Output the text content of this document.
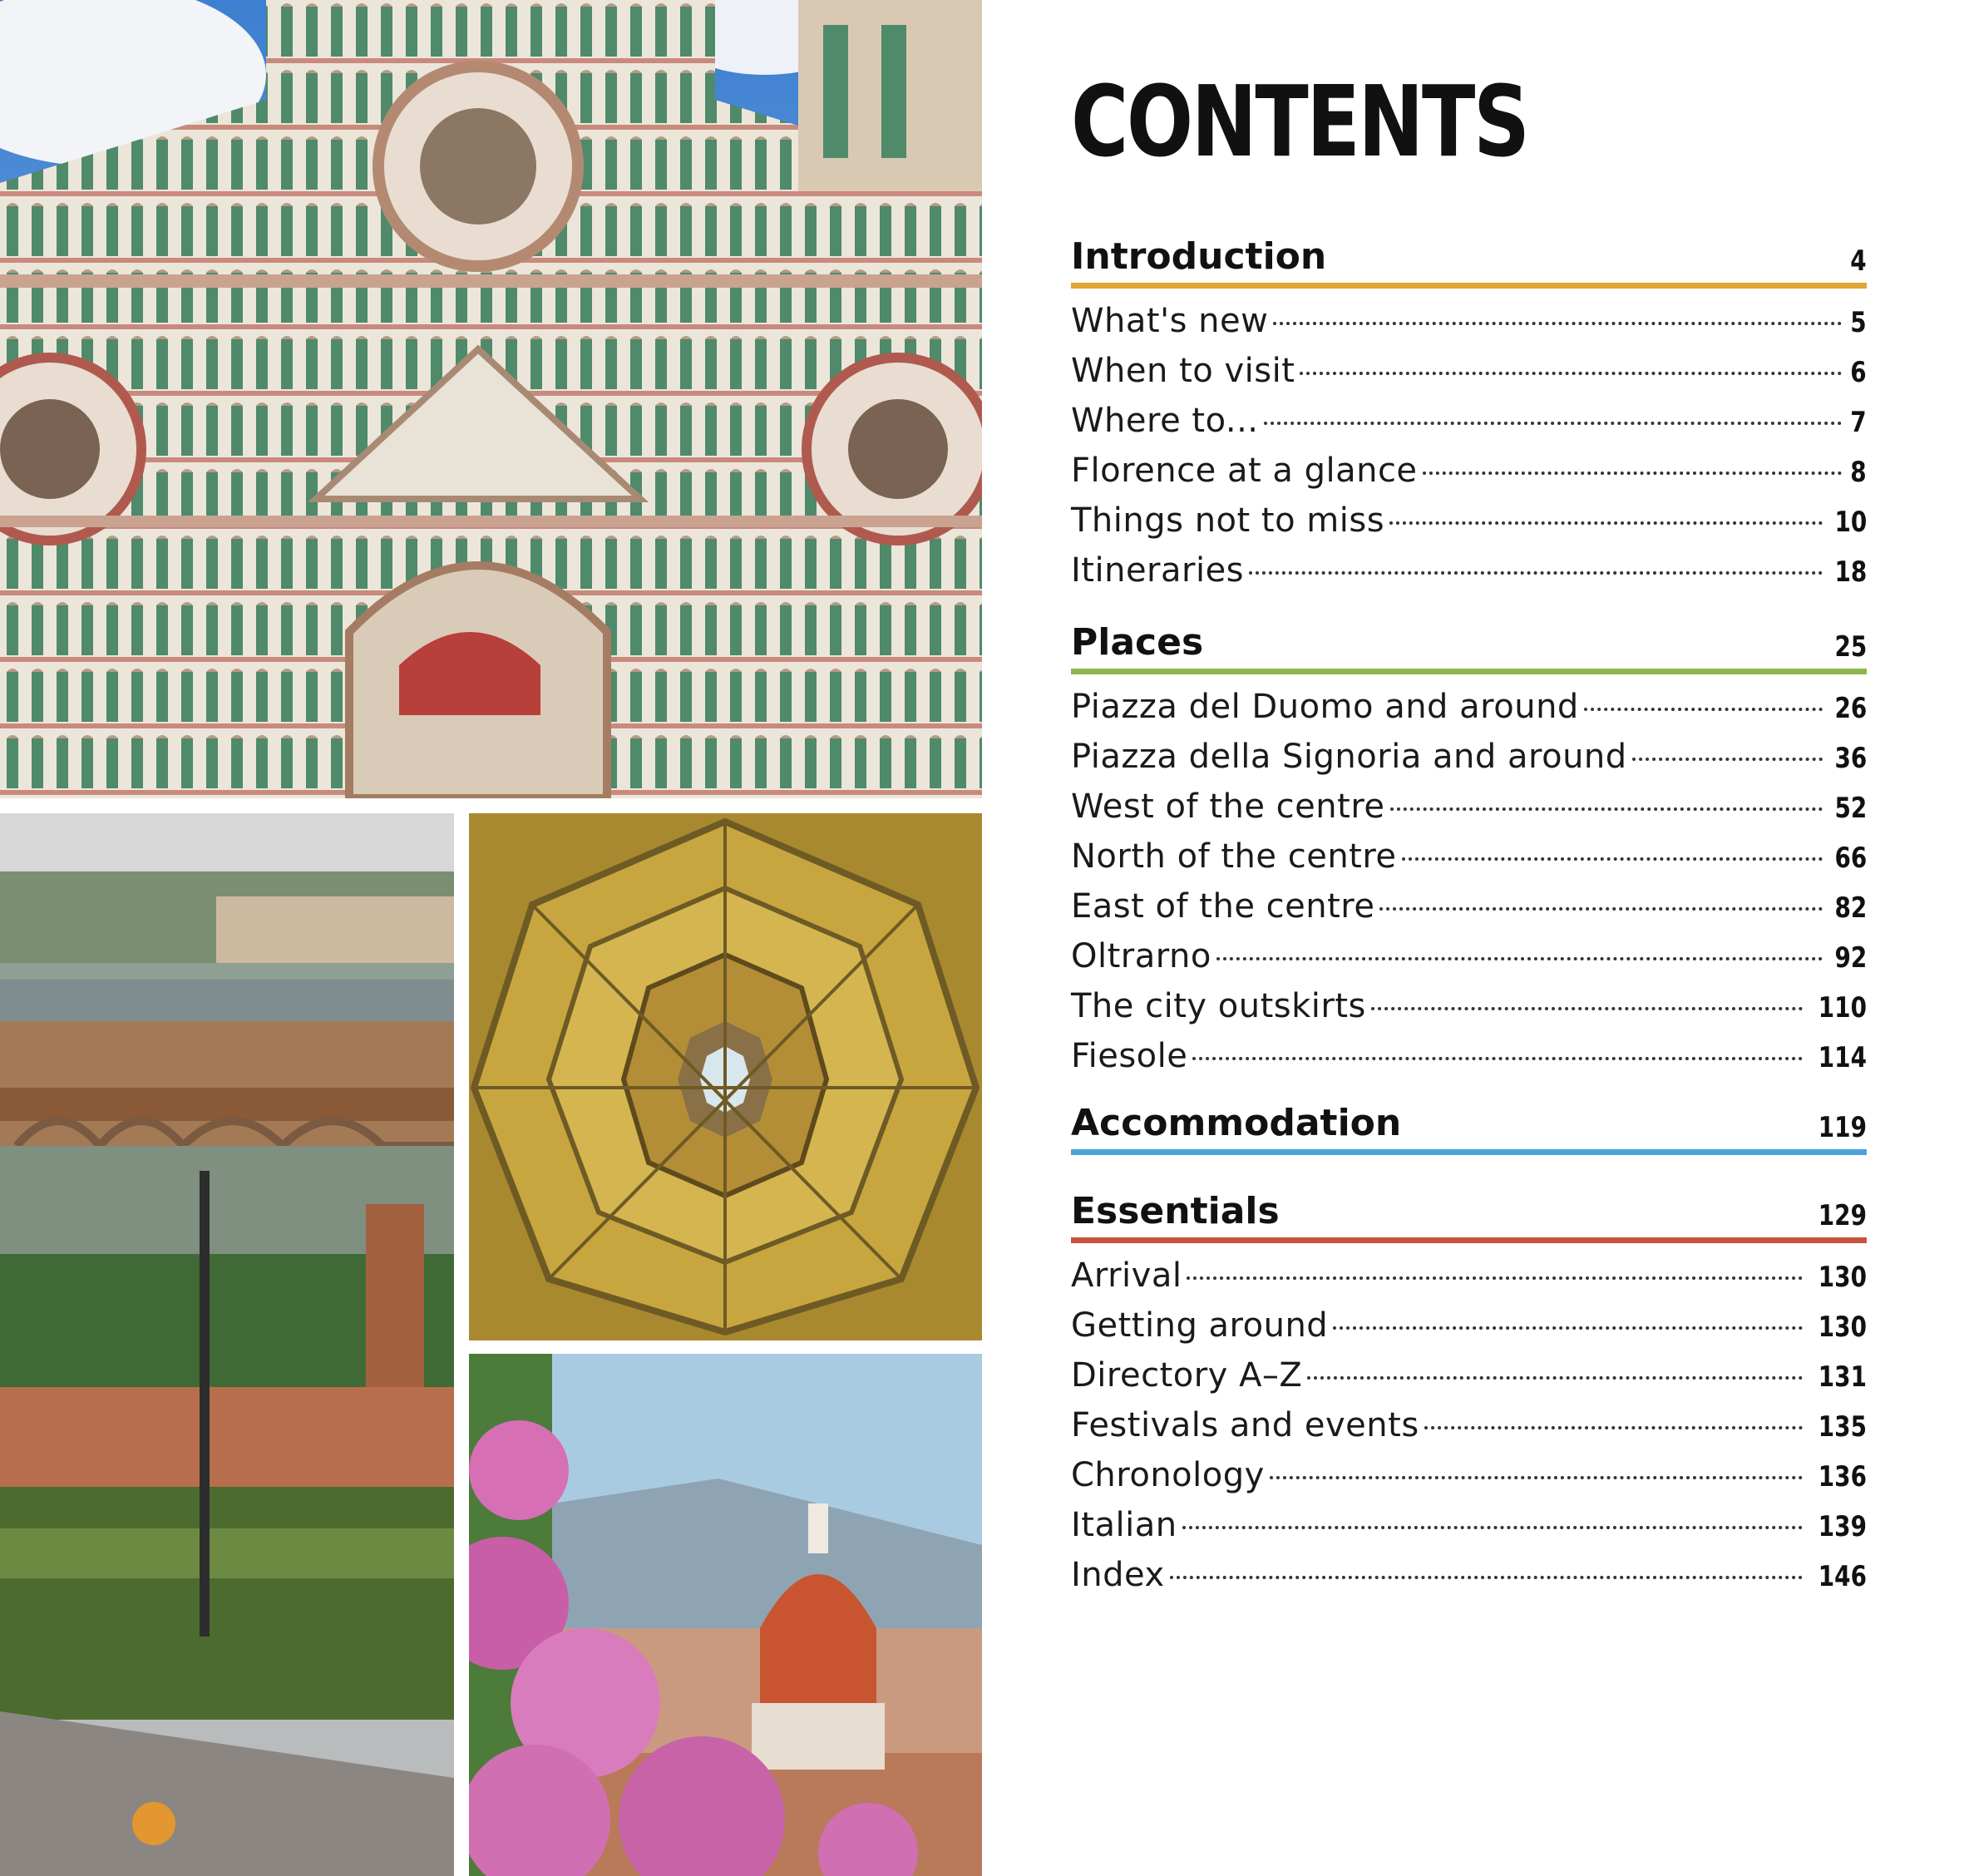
CONTENTS
Introduction	4
What's new	5
When to visit	6
Where to...	7
Florence at a glance	8
Things not to miss	10
Itineraries	18
Places	25
Piazza del Duomo and around	26
Piazza della Signoria and around	36
West of the centre	52
North of the centre	66
East of the centre	82
Oltrarno	92
The city outskirts	110
Fiesole	114
Accommodation	119
Essentials	129
Arrival	130
Getting around	130
Directory A–Z	131
Festivals and events	135
Chronology	136
Italian	139
Index	146
